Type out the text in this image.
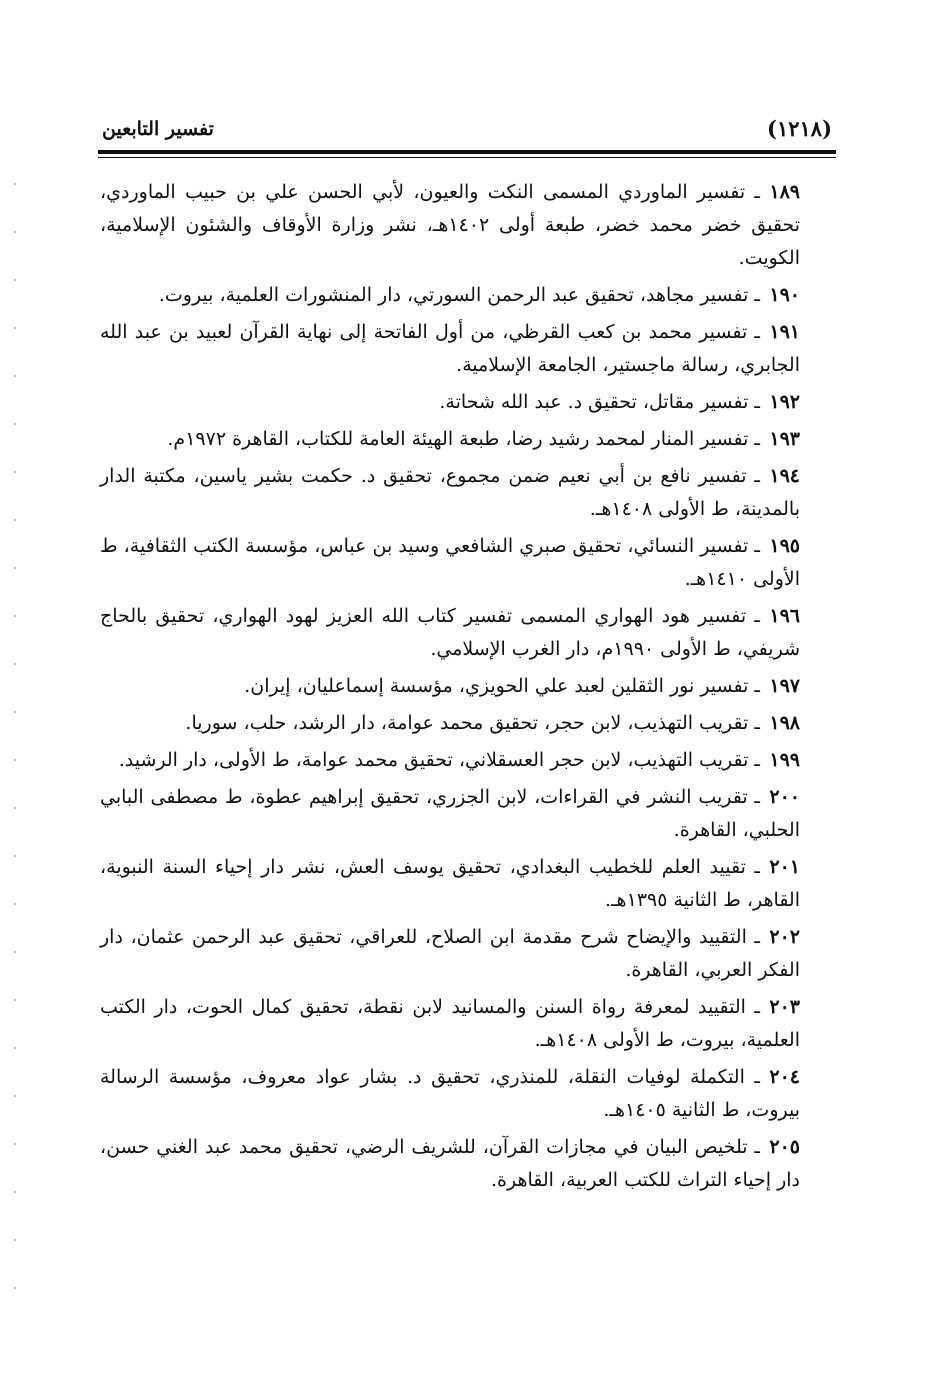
(١٢١٨)
تفسير التابعين

١٨٩ـ تفسير الماوردي المسمى النكت والعيون، لأبي الحسن علي بن حبيب الماوردي، تحقيق خضر محمد خضر، طبعة أولى ١٤٠٢هـ، نشر وزارة الأوقاف والشئون الإسلامية، الكويت.

١٩٠ـ تفسير مجاهد، تحقيق عبد الرحمن السورتي، دار المنشورات العلمية، بيروت.

١٩١ـ تفسير محمد بن كعب القرظي، من أول الفاتحة إلى نهاية القرآن لعبيد بن عبد الله الجابري، رسالة ماجستير، الجامعة الإسلامية.

١٩٢ـ تفسير مقاتل، تحقيق د. عبد الله شحاتة.

١٩٣ـ تفسير المنار لمحمد رشيد رضا، طبعة الهيئة العامة للكتاب، القاهرة ١٩٧٢م.

١٩٤ـ تفسير نافع بن أبي نعيم ضمن مجموع، تحقيق د. حكمت بشير ياسين، مكتبة الدار بالمدينة، ط الأولى ١٤٠٨هـ.

١٩٥ـ تفسير النسائي، تحقيق صبري الشافعي وسيد بن عباس، مؤسسة الكتب الثقافية، ط الأولى ١٤١٠هـ.

١٩٦ـ تفسير هود الهواري المسمى تفسير كتاب الله العزيز لهود الهواري، تحقيق بالحاج شريفي، ط الأولى ١٩٩٠م، دار الغرب الإسلامي.

١٩٧ـ تفسير نور الثقلين لعبد علي الحويزي، مؤسسة إسماعليان، إيران.

١٩٨ـ تقريب التهذيب، لابن حجر، تحقيق محمد عوامة، دار الرشد، حلب، سوريا.

١٩٩ـ تقريب التهذيب، لابن حجر العسقلاني، تحقيق محمد عوامة، ط الأولى، دار الرشيد.

٢٠٠ـ تقريب النشر في القراءات، لابن الجزري، تحقيق إبراهيم عطوة، ط مصطفى البابي الحلبي، القاهرة.

٢٠١ـ تقييد العلم للخطيب البغدادي، تحقيق يوسف العش، نشر دار إحياء السنة النبوية، القاهر، ط الثانية ١٣٩٥هـ.

٢٠٢ـ التقييد والإيضاح شرح مقدمة ابن الصلاح، للعراقي، تحقيق عبد الرحمن عثمان، دار الفكر العربي، القاهرة.

٢٠٣ـ التقييد لمعرفة رواة السنن والمسانيد لابن نقطة، تحقيق كمال الحوت، دار الكتب العلمية، بيروت، ط الأولى ١٤٠٨هـ.

٢٠٤ـ التكملة لوفيات النقلة، للمنذري، تحقيق د. بشار عواد معروف، مؤسسة الرسالة بيروت، ط الثانية ١٤٠٥هـ.

٢٠٥ـ تلخيص البيان في مجازات القرآن، للشريف الرضي، تحقيق محمد عبد الغني حسن، دار إحياء التراث للكتب العربية، القاهرة.
